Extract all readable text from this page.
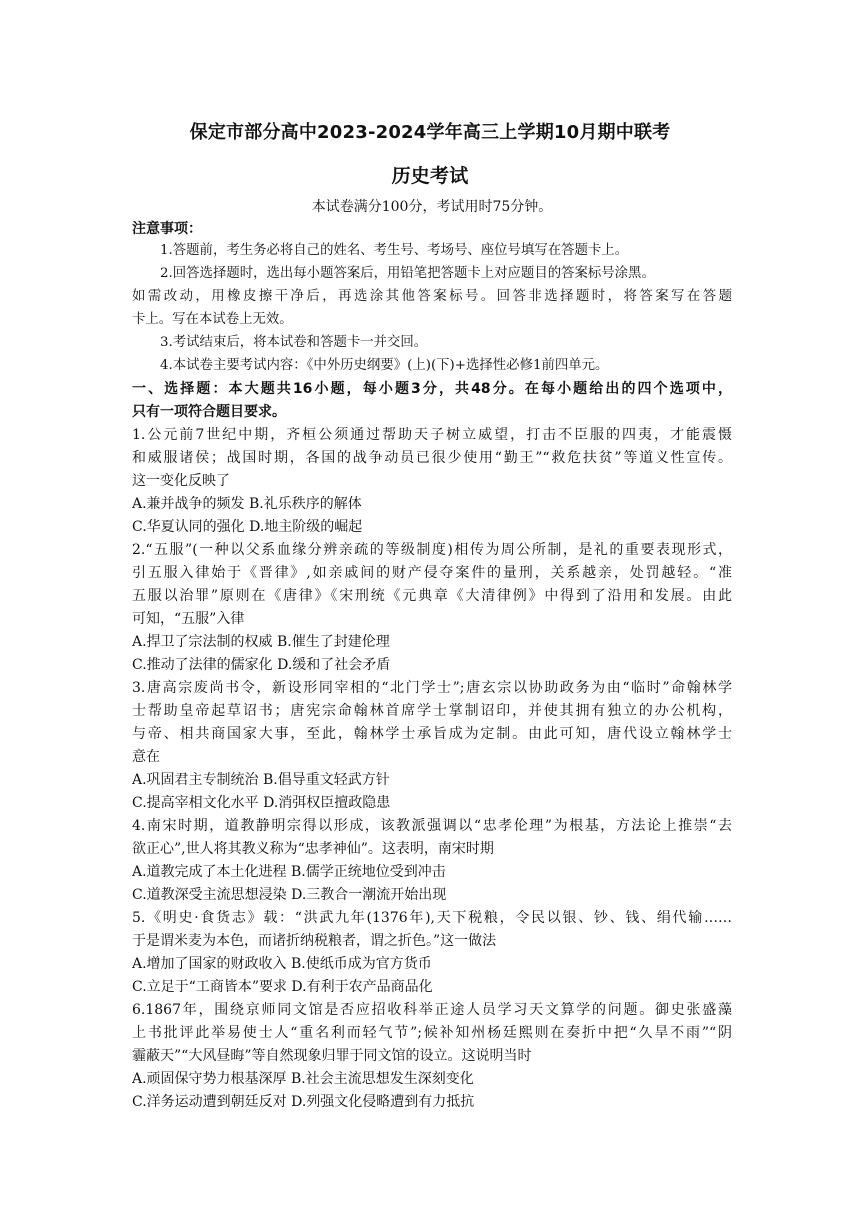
保定市部分高中2023-2024学年高三上学期10月期中联考
历史考试
本试卷满分100分，考试用时75分钟。
注意事项：
1.答题前，考生务必将自己的姓名、考生号、考场号、座位号填写在答题卡上。
2.回答选择题时，选出每小题答案后，用铅笔把答题卡上对应题目的答案标号涂黑。
如需改动，用橡皮擦干净后，再选涂其他答案标号。回答非选择题时，将答案写在答题
卡上。写在本试卷上无效。
3.考试结束后，将本试卷和答题卡一并交回。
4.本试卷主要考试内容：《中外历史纲要》(上)(下)+选择性必修1前四单元。
一、选择题：本大题共16小题，每小题3分，共48分。在每小题给出的四个选项中，
只有一项符合题目要求。
1.公元前7世纪中期，齐桓公须通过帮助天子树立威望，打击不臣服的四夷，才能震慑
和威服诸侯；战国时期，各国的战争动员已很少使用“勤王”“救危扶贫”等道义性宣传。
这一变化反映了
A.兼并战争的频发 B.礼乐秩序的解体
C.华夏认同的强化 D.地主阶级的崛起
2.“五服”(一种以父系血缘分辨亲疏的等级制度)相传为周公所制，是礼的重要表现形式，
引五服入律始于《晋律》,如亲戚间的财产侵夺案件的量刑，关系越亲，处罚越轻。“准
五服以治罪”原则在《唐律》《宋刑统《元典章《大清律例》中得到了沿用和发展。由此
可知，“五服”入律
A.捍卫了宗法制的权威 B.催生了封建伦理
C.推动了法律的儒家化 D.缓和了社会矛盾
3.唐高宗废尚书令，新设形同宰相的“北门学士”;唐玄宗以协助政务为由“临时”命翰林学
士帮助皇帝起草诏书；唐宪宗命翰林首席学士掌制诏印，并使其拥有独立的办公机构，
与帝、相共商国家大事，至此，翰林学士承旨成为定制。由此可知，唐代设立翰林学士
意在
A.巩固君主专制统治 B.倡导重文轻武方针
C.提高宰相文化水平 D.消弭权臣擅政隐患
4.南宋时期，道教静明宗得以形成，该教派强调以“忠孝伦理”为根基，方法论上推崇“去
欲正心”,世人将其教义称为“忠孝神仙”。这表明，南宋时期
A.道教完成了本土化进程 B.儒学正统地位受到冲击
C.道教深受主流思想浸染 D.三教合一潮流开始出现
5.《明史·食货志》载：“洪武九年(1376年),天下税粮，令民以银、钞、钱、绢代输……
于是谓米麦为本色，而诸折纳税粮者，谓之折色。”这一做法
A.增加了国家的财政收入 B.使纸币成为官方货币
C.立足于“工商皆本”要求 D.有利于农产品商品化
6.1867年，围绕京师同文馆是否应招收科举正途人员学习天文算学的问题。御史张盛藻
上书批评此举易使士人“重名利而轻气节”;候补知州杨廷熙则在奏折中把“久旱不雨”“阴
霾蔽天”“大风昼晦”等自然现象归罪于同文馆的设立。这说明当时
A.顽固保守势力根基深厚 B.社会主流思想发生深刻变化
C.洋务运动遭到朝廷反对 D.列强文化侵略遭到有力抵抗
